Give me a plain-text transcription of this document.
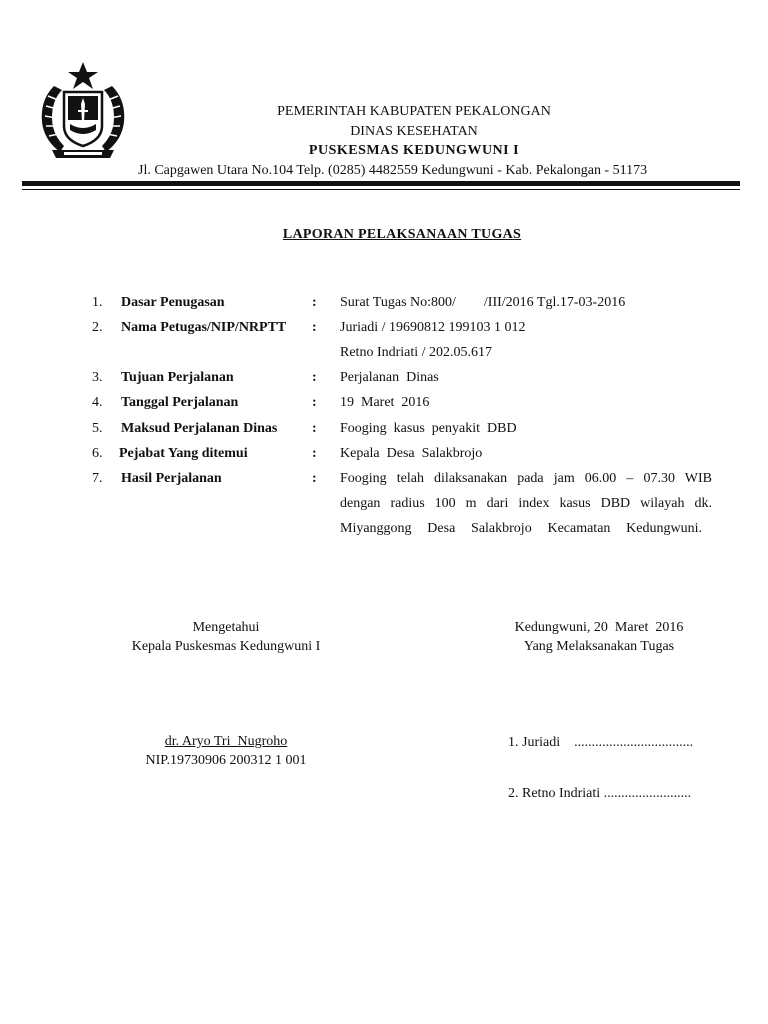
PEMERINTAH KABUPATEN PEKALONGAN
DINAS KESEHATAN
PUSKESMAS KEDUNGWUNI I
Jl. Capgawen Utara No.104 Telp. (0285) 4482559 Kedungwuni - Kab. Pekalongan - 51173
LAPORAN PELAKSANAAN TUGAS
1. Dasar Penugasan	: Surat Tugas No:800/        /III/2016 Tgl.17-03-2016
2. Nama Petugas/NIP/NRPTT : Juriadi / 19690812 199103 1 012
Retno Indriati / 202.05.617
3. Tujuan Perjalanan	: Perjalanan  Dinas
4. Tanggal Perjalanan	: 19  Maret  2016
5. Maksud Perjalanan Dinas : Fooging  kasus  penyakit  DBD
6. Pejabat Yang ditemui	: Kepala  Desa  Salakbrojo
7. Hasil Perjalanan	: Fooging telah dilaksanakan pada jam 06.00 – 07.30 WIB
dengan radius 100 m dari index kasus DBD wilayah dk.
Miyanggong Desa Salakbrojo Kecamatan Kedungwuni.
Mengetahui
Kepala Puskesmas Kedungwuni I
Kedungwuni, 20  Maret  2016
Yang Melaksanakan Tugas
dr. Aryo Tri  Nugroho
NIP.19730906 200312 1 001
1. Juriadi    ..................................
2. Retno Indriati .........................
